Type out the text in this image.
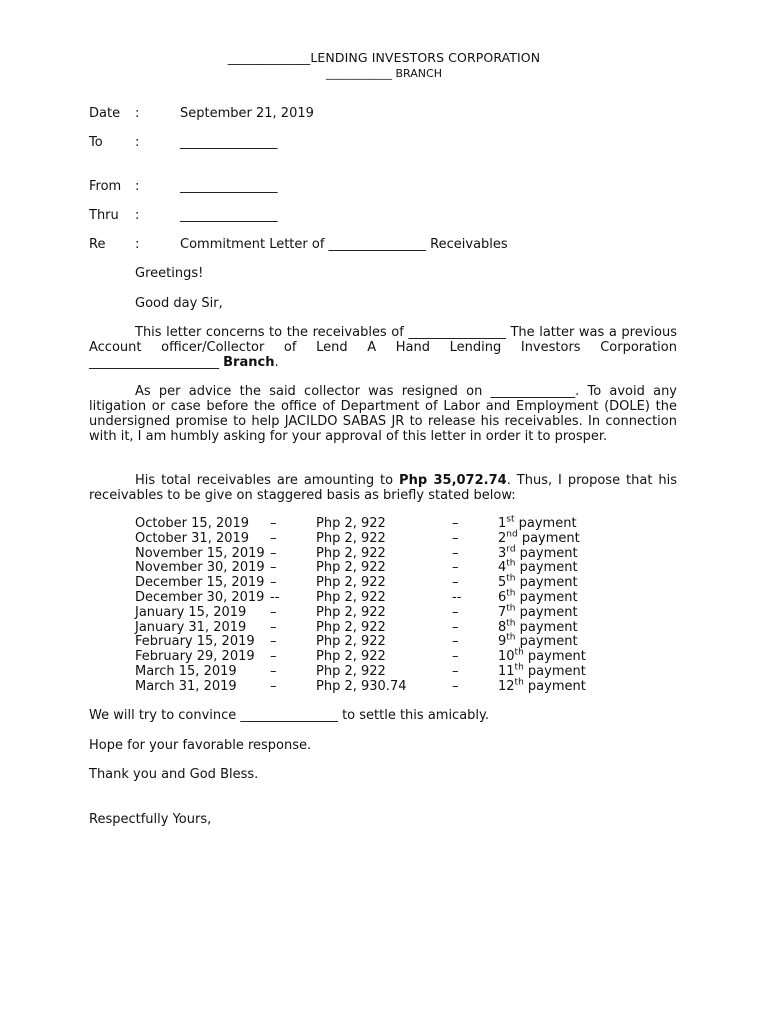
_____________LENDING INVESTORS CORPORATION
____________ BRANCH
Date :	September 21, 2019
To :	_______________
From :	_______________
Thru :	_______________
Re :	Commitment Letter of _______________ Receivables
Greetings!
Good day Sir,

This letter concerns to the receivables of _______________ The latter was a previous Account officer/Collector of Lend A Hand Lending Investors Corporation ____________________ Branch.

As per advice the said collector was resigned on _____________. To avoid any litigation or case before the office of Department of Labor and Employment (DOLE) the undersigned promise to help JACILDO SABAS JR to release his receivables. In connection with it, I am humbly asking for your approval of this letter in order it to prosper.

His total receivables are amounting to Php 35,072.74. Thus, I propose that his receivables to be give on staggered basis as briefly stated below:

October 15, 2019	–	Php 2, 922	–	1st payment
October 31, 2019	–	Php 2, 922	–	2nd payment
November 15, 2019	–	Php 2, 922	–	3rd payment
November 30, 2019	–	Php 2, 922	–	4th payment
December 15, 2019	–	Php 2, 922	–	5th payment
December 30, 2019	--	Php 2, 922	--	6th payment
January 15, 2019	–	Php 2, 922	–	7th payment
January 31, 2019	–	Php 2, 922	–	8th payment
February 15, 2019	–	Php 2, 922	–	9th payment
February 29, 2019	–	Php 2, 922	–	10th payment
March 15, 2019	–	Php 2, 922	–	11th payment
March 31, 2019	–	Php 2, 930.74	–	12th payment
We will try to convince _______________ to settle this amicably.
Hope for your favorable response.
Thank you and God Bless.
Respectfully Yours,
